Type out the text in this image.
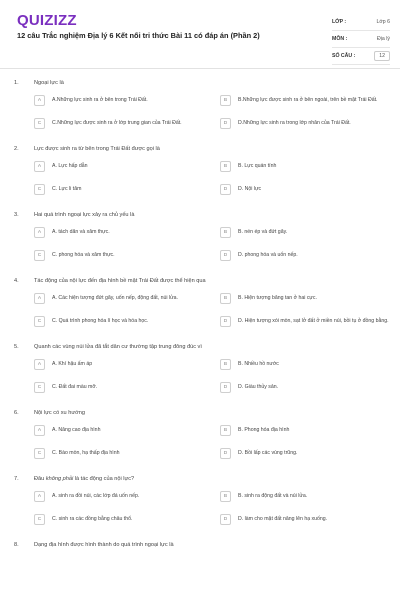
QUIZIZZ
12 câu Trắc nghiệm Địa lý 6 Kết nối tri thức Bài 11 có đáp án (Phần 2)
LỚP :	Lớp 6
MÔN :	Địa lý
SỐ CÂU :	12
1.	Ngoại lực là
A	A.Những lực sinh ra ở bên trong Trái Đất.	B	B.Những lực được sinh ra ở bên ngoài, trên bề mặt Trái Đất.
C	C.Những lực được sinh ra ở lớp trung gian của Trái Đất.	D	D.Những lực sinh ra trong lớp nhân của Trái Đất.
2.	Lực được sinh ra từ bên trong Trái Đất được gọi là
A	A. Lực hấp dẫn	B	B. Lực quán tính
C	C. Lực li tâm	D	D. Nội lực
3.	Hai quá trình ngoại lực xảy ra chủ yếu là
A	A. tách dãn và xâm thực.	B	B. nén ép và đứt gãy.
C	C. phong hóa và xâm thực.	D	D. phong hóa và uốn nếp.
4.	Tác động của nội lực đến địa hình bề mặt Trái Đất được thể hiện qua
A	A. Các hiện tượng đứt gãy, uốn nếp, động đất, núi lửa.	B	B. Hiện tượng băng tan ở hai cực.
C	C. Quá trình phong hóa lí học và hóa học.	D	D. Hiện tượng xói mòn, sạt lở đất ở miền núi, bồi tụ ở đồng bằng.
5.	Quanh các vùng núi lửa đã tắt dân cư thường tập trung đông đúc vì
A	A. Khí hậu ấm áp	B	B. Nhiều hồ nước
C	C. Đất đai màu mỡ.	D	D. Giàu thủy sản.
6.	Nội lực có xu hướng
A	A. Nâng cao địa hình	B	B. Phong hóa địa hình
C	C. Bào mòn, hạ thấp địa hình	D	D. Bồi lấp các vùng trũng.
7.	Đâu không phải là tác động của nội lực?
A	A. sinh ra đồi núi, các lớp đá uốn nếp.	B	B. sinh ra động đất và núi lửa.
C	C. sinh ra các đồng bằng châu thổ.	D	D. làm cho mặt đất nâng lên hạ xuống.
8.	Dạng địa hình được hình thành do quá trình ngoại lực là
